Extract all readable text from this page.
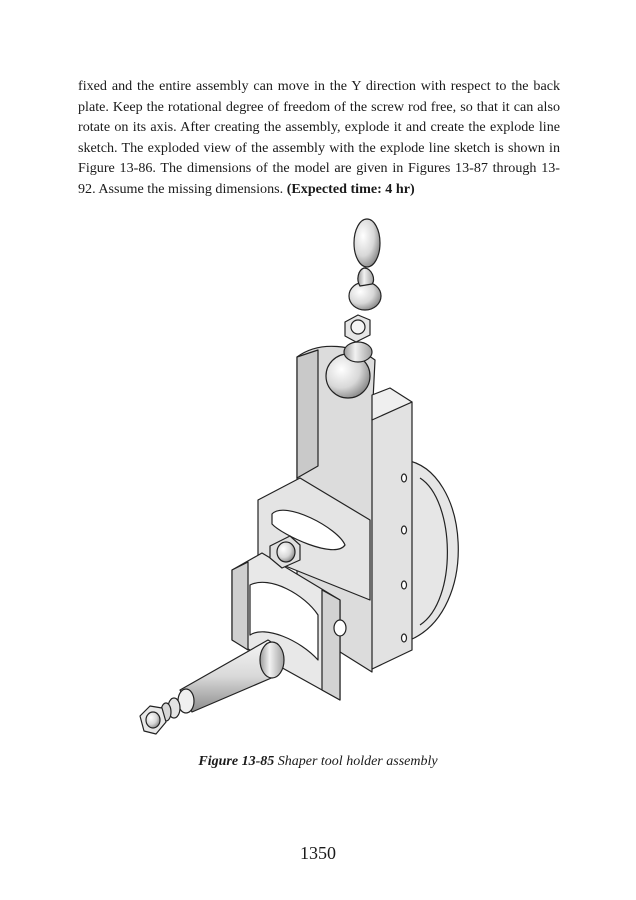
fixed and the entire assembly can move in the Y direction with respect to the back plate. Keep the rotational degree of freedom of the screw rod free, so that it can also rotate on its axis. After creating the assembly, explode it and create the explode line sketch. The exploded view of the assembly with the explode line sketch is shown in Figure 13-86. The dimensions of the model are given in Figures 13-87 through 13-92. Assume the missing dimensions. (Expected time: 4 hr)

Figure 13-85 Shaper tool holder assembly
1350
